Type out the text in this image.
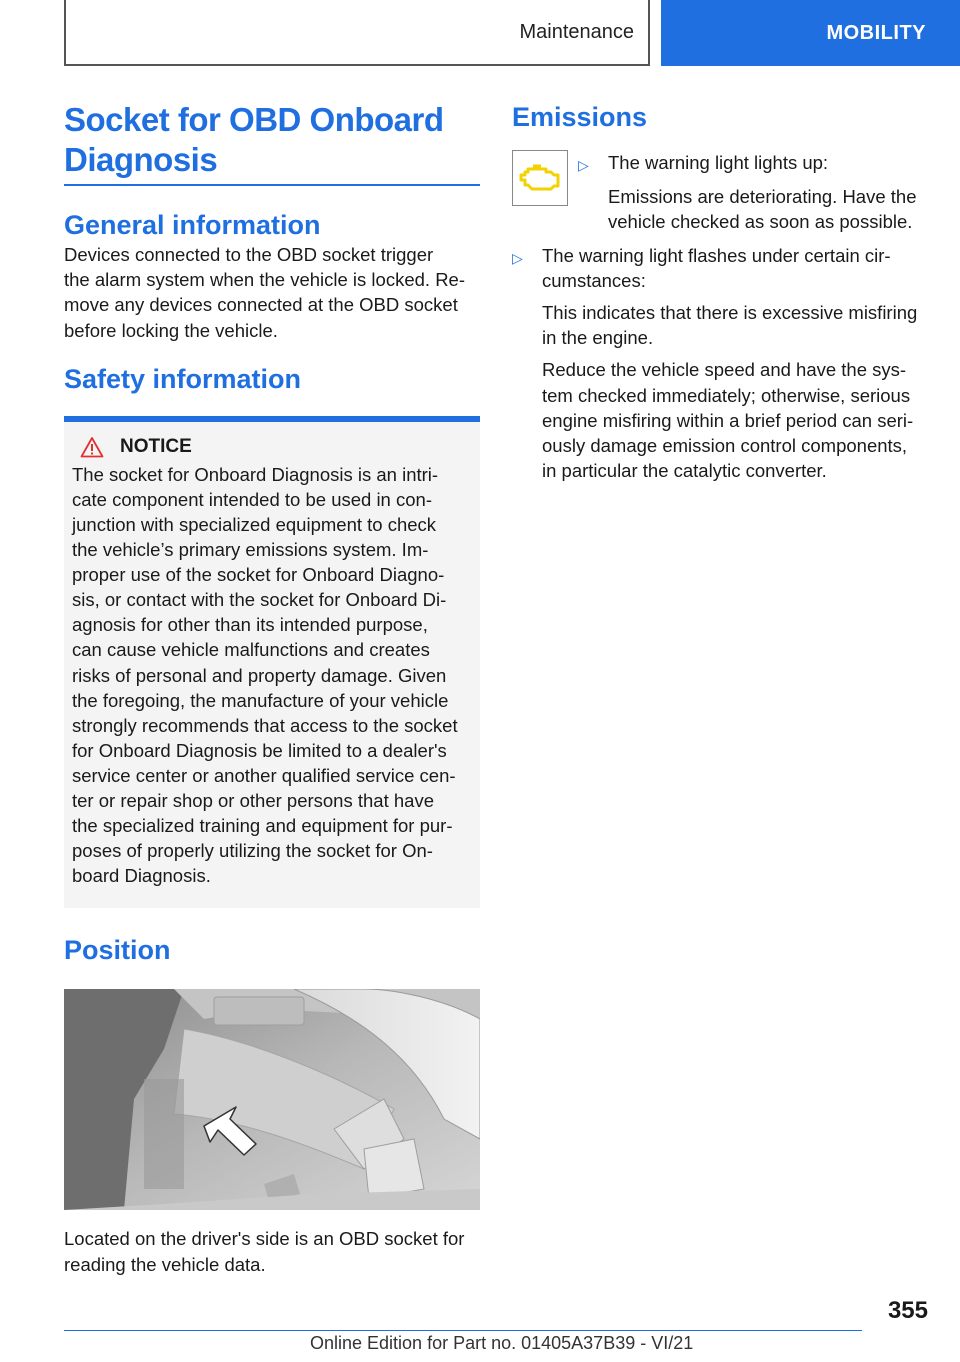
Maintenance	MOBILITY
Socket for OBD Onboard
Diagnosis
General information
Devices connected to the OBD socket trigger
the alarm system when the vehicle is locked. Re‐
move any devices connected at the OBD socket
before locking the vehicle.
Safety information
NOTICE
The socket for Onboard Diagnosis is an intri‐
cate component intended to be used in con‐
junction with specialized equipment to check
the vehicle’s primary emissions system. Im‐
proper use of the socket for Onboard Diagno‐
sis, or contact with the socket for Onboard Di‐
agnosis for other than its intended purpose,
can cause vehicle malfunctions and creates
risks of personal and property damage. Given
the foregoing, the manufacture of your vehicle
strongly recommends that access to the socket
for Onboard Diagnosis be limited to a dealer's
service center or another qualified service cen‐
ter or repair shop or other persons that have
the specialized training and equipment for pur‐
poses of properly utilizing the socket for On‐
board Diagnosis.
Position
Located on the driver's side is an OBD socket for
reading the vehicle data.
Emissions
▷	The warning light lights up:
Emissions are deteriorating. Have the
vehicle checked as soon as possible.
▷	The warning light flashes under certain cir‐
cumstances:
This indicates that there is excessive misfiring
in the engine.
Reduce the vehicle speed and have the sys‐
tem checked immediately; otherwise, serious
engine misfiring within a brief period can seri‐
ously damage emission control components,
in particular the catalytic converter.
355
Online Edition for Part no. 01405A37B39 - VI/21
